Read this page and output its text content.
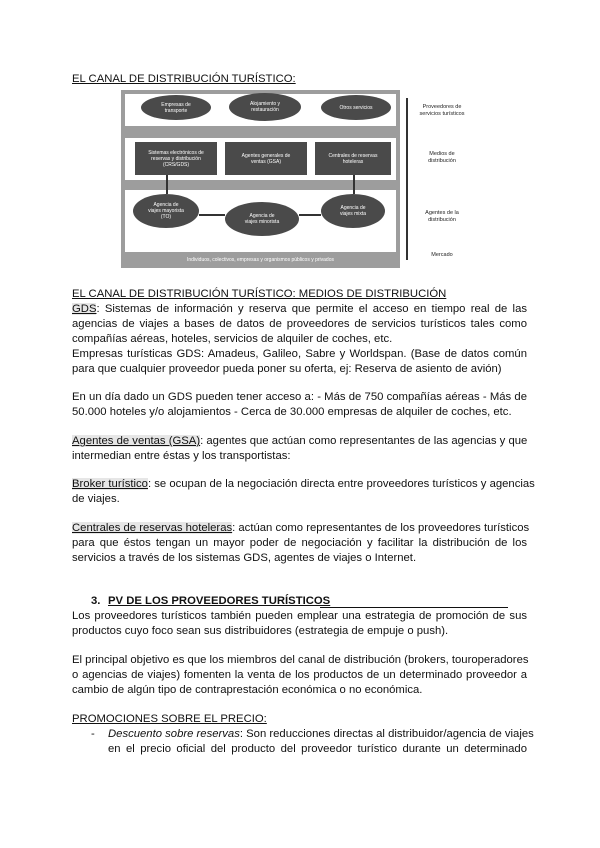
EL CANAL DE DISTRIBUCIÓN TURÍSTICO:
Empresas de
transporte
Alojamiento y
restauración	Otros servicios
Sistemas electrónicos de
reservas y distribución
(CRS/GDS)
Agentes generales de
ventas (GSA)
Centrales de reservas
hoteleras
Agencia de
viajes mayorista
(TO)	Agencia de
viajes minorista
Agencia de
viajes mixta
Individuos, colectivos, empresas y organismos públicos y privados
Proveedores de
servicios turísticos
Medios de
distribución
Agentes de la
distribución
Mercado
EL CANAL DE DISTRIBUCIÓN TURÍSTICO: MEDIOS DE DISTRIBUCIÓN
GDS: Sistemas de información y reserva que permite el acceso en tiempo real de las
agencias de viajes a bases de datos de proveedores de servicios turísticos tales como
compañías aéreas, hoteles, servicios de alquiler de coches, etc.
Empresas turísticas GDS: Amadeus, Galileo, Sabre y Worldspan. (Base de datos común
para que cualquier proveedor pueda poner su oferta, ej: Reserva de asiento de avión)
En un día dado un GDS pueden tener acceso a: - Más de 750 compañías aéreas - Más de
50.000 hoteles y/o alojamientos - Cerca de 30.000 empresas de alquiler de coches, etc.
Agentes de ventas (GSA): agentes que actúan como representantes de las agencias y que
intermedian entre éstas y los transportistas:
Broker turístico: se ocupan de la negociación directa entre proveedores turísticos y agencias
de viajes.
Centrales de reservas hoteleras: actúan como representantes de los proveedores turísticos
para que éstos tengan un mayor poder de negociación y facilitar la distribución de los
servicios a través de los sistemas GDS, agentes de viajes o Internet.
3. PV DE LOS PROVEEDORES TURÍSTICOS
Los proveedores turísticos también pueden emplear una estrategia de promoción de sus
productos cuyo foco sean sus distribuidores (estrategia de empuje o push).
El principal objetivo es que los miembros del canal de distribución (brokers, touroperadores
o agencias de viajes) fomenten la venta de los productos de un determinado proveedor a
cambio de algún tipo de contraprestación económica o no económica.
PROMOCIONES SOBRE EL PRECIO:
- Descuento sobre reservas: Son reducciones directas al distribuidor/agencia de viajes
en el precio oficial del producto del proveedor turístico durante un determinado
